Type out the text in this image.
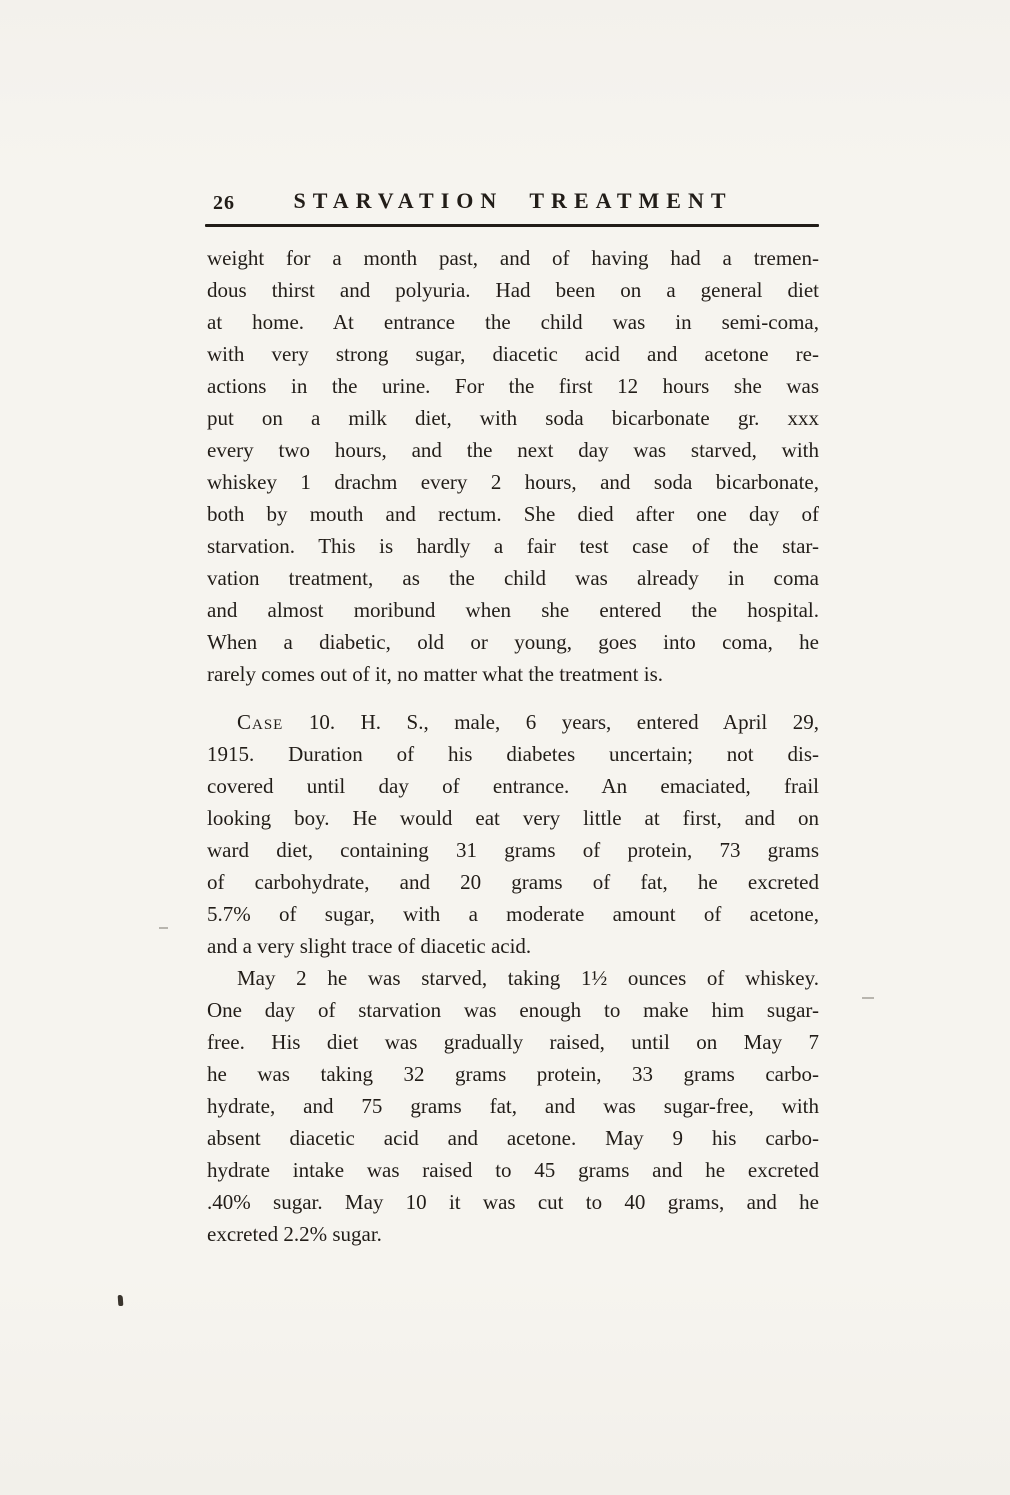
26	STARVATION TREATMENT
weight for a month past, and of having had a tremen-
dous thirst and polyuria. Had been on a general diet
at home. At entrance the child was in semi-coma,
with very strong sugar, diacetic acid and acetone re-
actions in the urine. For the first 12 hours she was
put on a milk diet, with soda bicarbonate gr. xxx
every two hours, and the next day was starved, with
whiskey 1 drachm every 2 hours, and soda bicarbonate,
both by mouth and rectum. She died after one day of
starvation. This is hardly a fair test case of the star-
vation treatment, as the child was already in coma
and almost moribund when she entered the hospital.
When a diabetic, old or young, goes into coma, he
rarely comes out of it, no matter what the treatment is.
Case 10. H. S., male, 6 years, entered April 29,
1915. Duration of his diabetes uncertain; not dis-
covered until day of entrance. An emaciated, frail
looking boy. He would eat very little at first, and on
ward diet, containing 31 grams of protein, 73 grams
of carbohydrate, and 20 grams of fat, he excreted
5.7% of sugar, with a moderate amount of acetone,
and a very slight trace of diacetic acid.
May 2 he was starved, taking 1½ ounces of whiskey.
One day of starvation was enough to make him sugar-
free. His diet was gradually raised, until on May 7
he was taking 32 grams protein, 33 grams carbo-
hydrate, and 75 grams fat, and was sugar-free, with
absent diacetic acid and acetone. May 9 his carbo-
hydrate intake was raised to 45 grams and he excreted
.40% sugar. May 10 it was cut to 40 grams, and he
excreted 2.2% sugar.
